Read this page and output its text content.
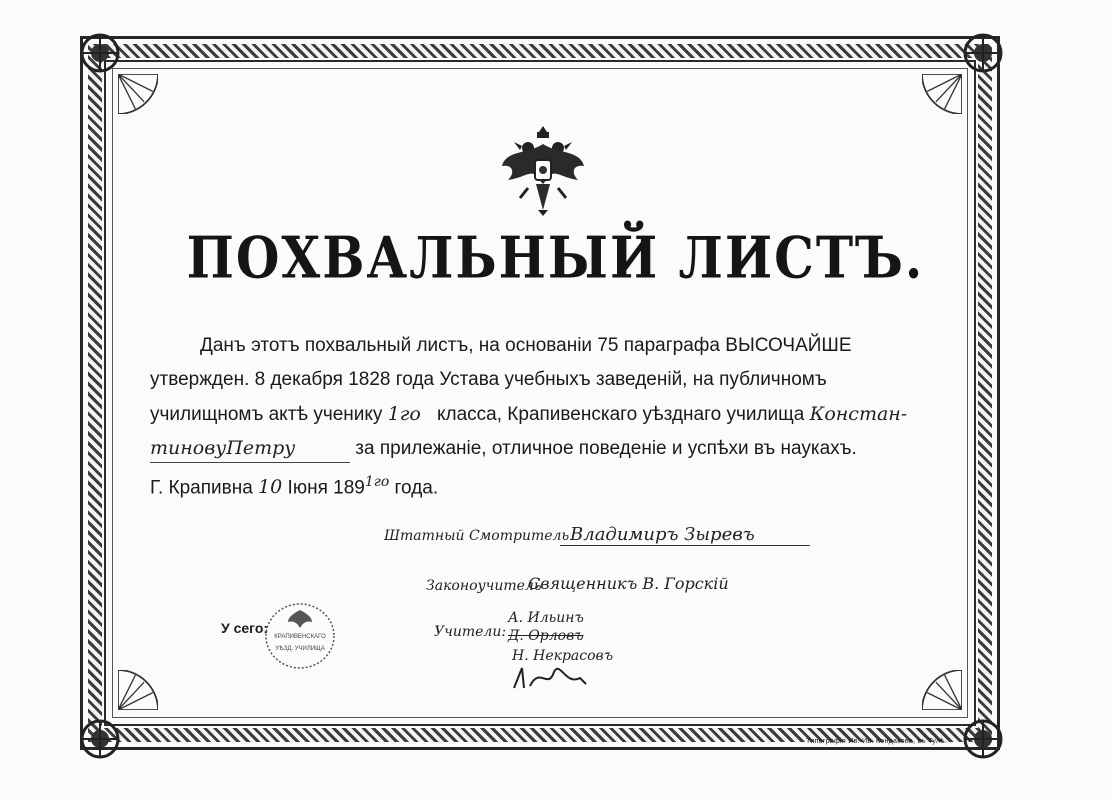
ПОХВАЛЬНЫЙ ЛИСТЪ.
Данъ этотъ похвальный листъ, на основанiи 75 параграфа ВЫСОЧАЙШЕ
утвержден. 8 декабря 1828 года Устава учебныхъ заведенiй, на публичномъ
училищномъ актѣ ученику 1го класса, Крапивенскаго уѣзднаго училища Констан-
тиновуПетру	за прилежанiе, отличное поведенiе и успѣхи въ наукахъ.
Г. Крапивна 10 Iюня 1891го года.
Штатный Смотритель Владимиръ Зыревъ
Законоучитель
Священникъ В. Горскiй
Учители:
А. Ильинъ
Д. Орловъ
Н. Некрасовъ
У сего:
КРАПИВЕНСКАГО
УѢЗД. УЧИЛИЩА
Типографiя Ив. Ив. Кондакова, въ Тулѣ.
